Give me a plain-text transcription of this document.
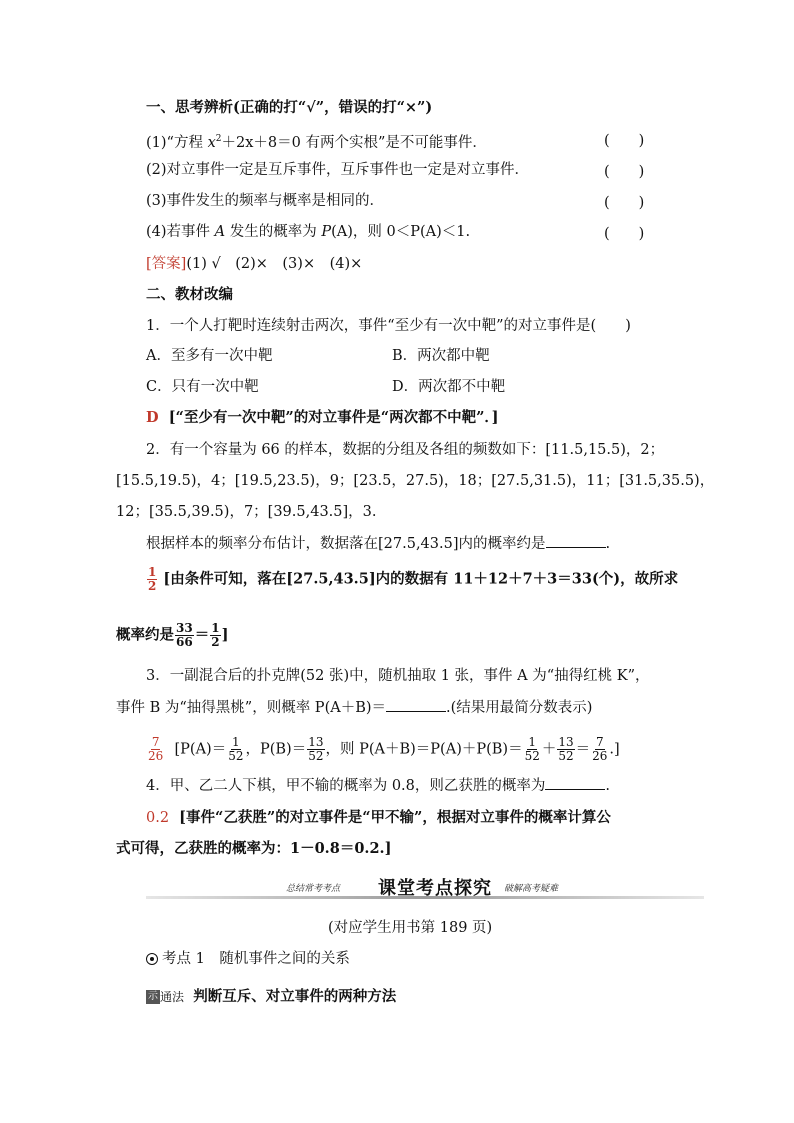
一、思考辨析(正确的打“√”，错误的打“×”)
(1)“方程 $x^2+2x+8=0$ 有两个实根”是不可能事件．	(　　)
(2)对立事件一定是互斥事件，互斥事件也一定是对立事件．	(　　)
(3)事件发生的频率与概率是相同的．	(　　)
(4)若事件 A 发生的概率为 P(A)，则 0＜P(A)＜1.	(　　)
[答案](1) √　(2)×　(3)×　(4)×
二、教材改编
1．一个人打靶时连续射击两次，事件“至少有一次中靶”的对立事件是(　　)
A．至多有一次中靶	B．两次都中靶
C．只有一次中靶	D．两次都不中靶
D [“至少有一次中靶”的对立事件是“两次都不中靶”．]
2．有一个容量为 66 的样本，数据的分组及各组的频数如下：[11.5,15.5)，2；
[15.5,19.5)，4；[19.5,23.5)，9；[23.5，27.5)，18；[27.5,31.5)，11；[31.5,35.5)，
12；[35.5,39.5)，7；[39.5,43.5]，3.
根据样本的频率分布估计，数据落在[27.5,43.5]内的概率约是	.
$\frac{1}{2}$ [由条件可知，落在[27.5,43.5]内的数据有 11＋12＋7＋3＝33(个)，故所求
概率约是 $\frac{33}{66} = \frac{1}{2}$ ]
3．一副混合后的扑克牌(52 张)中，随机抽取 1 张，事件 A 为“抽得红桃 K”，
事件 B 为“抽得黑桃”，则概率 P(A＋B)＝	.(结果用最简分数表示)
$\frac{7}{26} [P(A)= \frac{1}{52}$ ，$P(B)= \frac{13}{52}$ ，则 $P(A+B)=P(A)+P(B)= \frac{1}{52} + \frac{13}{52} = \frac{7}{26}$ .]
4．甲、乙二人下棋，甲不输的概率为 0.8，则乙获胜的概率为	.
0.2 [事件“乙获胜”的对立事件是“甲不输”，根据对立事件的概率计算公
式可得，乙获胜的概率为：1－0.8＝0.2.]
总结常考考点 课堂考点探究 破解高考疑难
(对应学生用书第 189 页)
考点 1　随机事件之间的关系
示 通法 判断互斥、对立事件的两种方法
